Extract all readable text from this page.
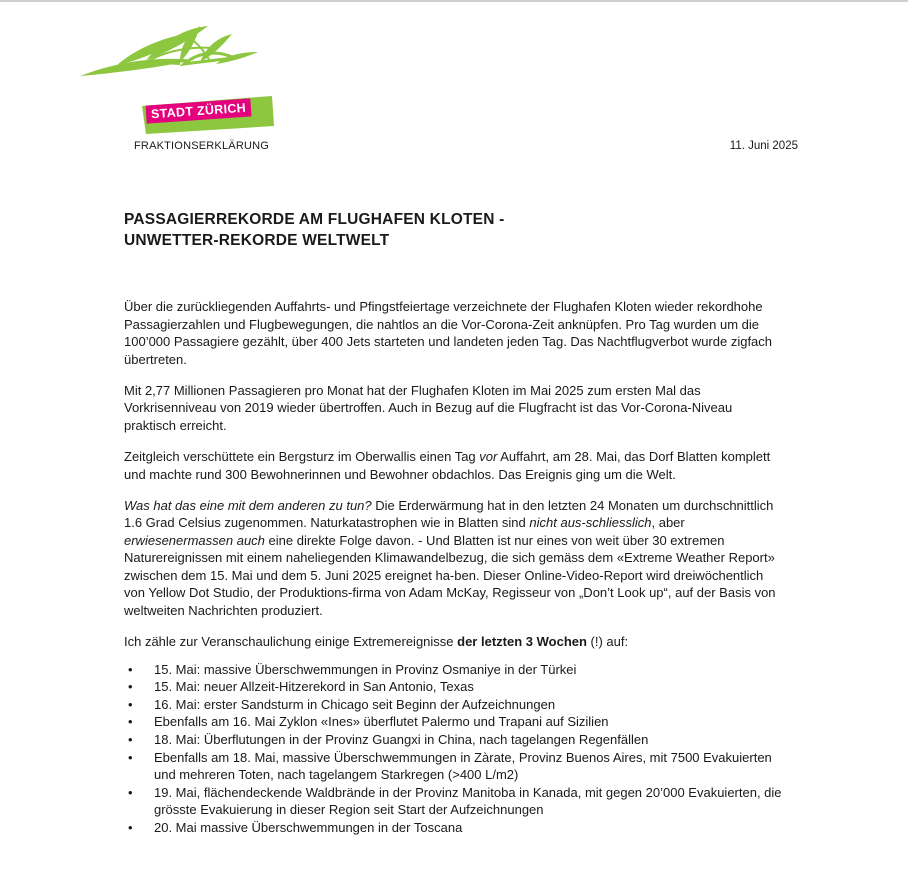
GRÜNE
STADT ZÜRICH
FRAKTIONSERKLÄRUNG	11. Juni 2025
PASSAGIERREKORDE AM FLUGHAFEN KLOTEN -
UNWETTER-REKORDE WELTWELT

Über die zurückliegenden Auffahrts- und Pfingstfeiertage verzeichnete der Flughafen Kloten wieder rekordhohe Passagierzahlen und Flugbewegungen, die nahtlos an die Vor-Corona-Zeit anknüpfen. Pro Tag wurden um die 100’000 Passagiere gezählt, über 400 Jets starteten und landeten jeden Tag. Das Nachtflugverbot wurde zigfach übertreten.

Mit 2,77 Millionen Passagieren pro Monat hat der Flughafen Kloten im Mai 2025 zum ersten Mal das Vorkrisenniveau von 2019 wieder übertroffen. Auch in Bezug auf die Flugfracht ist das Vor-Corona-Niveau praktisch erreicht.

Zeitgleich verschüttete ein Bergsturz im Oberwallis einen Tag vor Auffahrt, am 28. Mai, das Dorf Blatten komplett und machte rund 300 Bewohnerinnen und Bewohner obdachlos. Das Ereignis ging um die Welt.

Was hat das eine mit dem anderen zu tun? Die Erderwärmung hat in den letzten 24 Monaten um durchschnittlich 1.6 Grad Celsius zugenommen. Naturkatastrophen wie in Blatten sind nicht aus-schliesslich, aber erwiesenermassen auch eine direkte Folge davon. - Und Blatten ist nur eines von weit über 30 extremen Naturereignissen mit einem naheliegenden Klimawandelbezug, die sich gemäss dem «Extreme Weather Report» zwischen dem 15. Mai und dem 5. Juni 2025 ereignet ha-ben. Dieser Online-Video-Report wird dreiwöchentlich von Yellow Dot Studio, der Produktions-firma von Adam McKay, Regisseur von „Don’t Look up“, auf der Basis von weltweiten Nachrichten produziert.

Ich zähle zur Veranschaulichung einige Extremereignisse der letzten 3 Wochen (!) auf:

• 15. Mai: massive Überschwemmungen in Provinz Osmaniye in der Türkei
• 15. Mai: neuer Allzeit-Hitzerekord in San Antonio, Texas
• 16. Mai: erster Sandsturm in Chicago seit Beginn der Aufzeichnungen
• Ebenfalls am 16. Mai Zyklon «Ines» überflutet Palermo und Trapani auf Sizilien
• 18. Mai: Überflutungen in der Provinz Guangxi in China, nach tagelangen Regenfällen
• Ebenfalls am 18. Mai, massive Überschwemmungen in Zàrate, Provinz Buenos Aires, mit 7500 Evakuierten und mehreren Toten, nach tagelangem Starkregen (>400 L/m2)
• 19. Mai, flächendeckende Waldbrände in der Provinz Manitoba in Kanada, mit gegen 20’000 Evakuierten, die grösste Evakuierung in dieser Region seit Start der Aufzeichnungen
• 20. Mai massive Überschwemmungen in der Toscana
